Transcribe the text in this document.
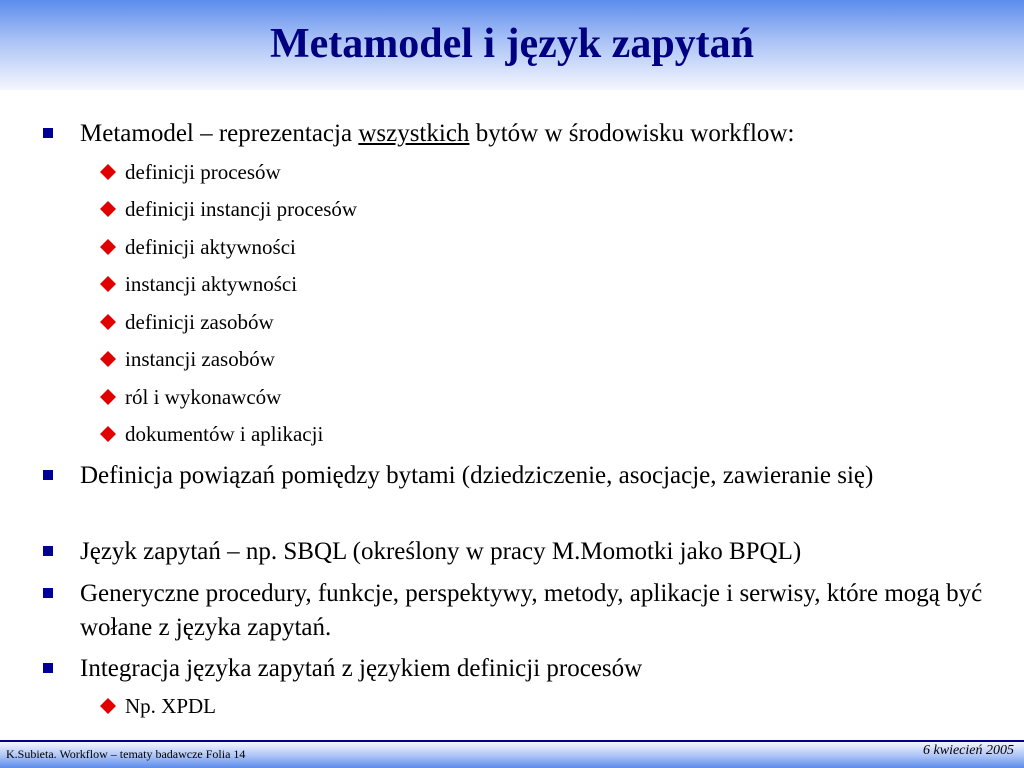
Metamodel i język zapytań
Metamodel – reprezentacja wszystkich bytów w środowisku workflow:
definicji procesów
definicji instancji procesów
definicji aktywności
instancji aktywności
definicji zasobów
instancji zasobów
ról i wykonawców
dokumentów i aplikacji
Definicja powiązań pomiędzy bytami (dziedziczenie, asocjacje, zawieranie się)
Język zapytań – np. SBQL (określony w pracy M.Momotki jako BPQL)
Generyczne procedury, funkcje, perspektywy, metody, aplikacje i serwisy, które mogą być wołane z języka zapytań.
Integracja języka zapytań z językiem definicji procesów
Np. XPDL
K.Subieta. Workflow – tematy badawcze Folia 14	6 kwiecień 2005
